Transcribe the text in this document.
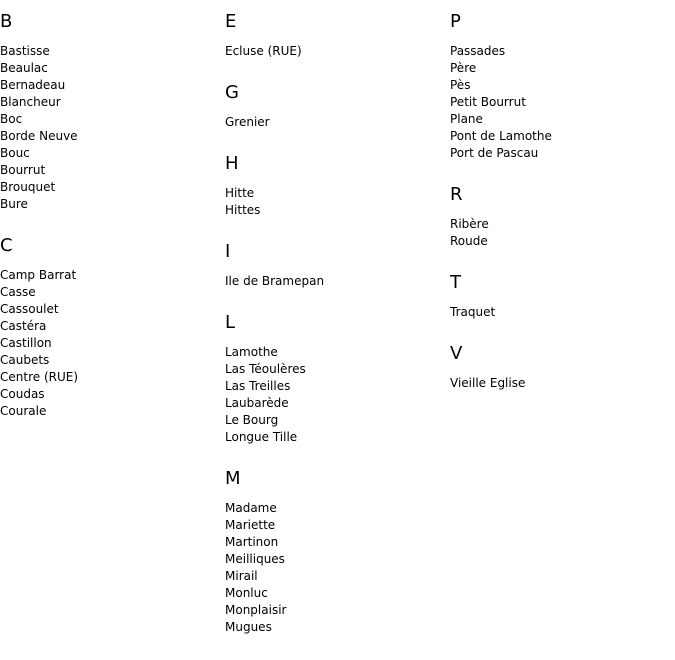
B
Bastisse
Beaulac
Bernadeau
Blancheur
Boc
Borde Neuve
Bouc
Bourrut
Brouquet
Bure
C
Camp Barrat
Casse
Cassoulet
Castéra
Castillon
Caubets
Centre (RUE)
Coudas
Courale
E
Ecluse (RUE)
G
Grenier
H
Hitte
Hittes
I
Ile de Bramepan
L
Lamothe
Las Téoulères
Las Treilles
Laubarède
Le Bourg
Longue Tille
M
Madame
Mariette
Martinon
Meilliques
Mirail
Monluc
Monplaisir
Mugues
P
Passades
Père
Pès
Petit Bourrut
Plane
Pont de Lamothe
Port de Pascau
R
Ribère
Roude
T
Traquet
V
Vieille Eglise
